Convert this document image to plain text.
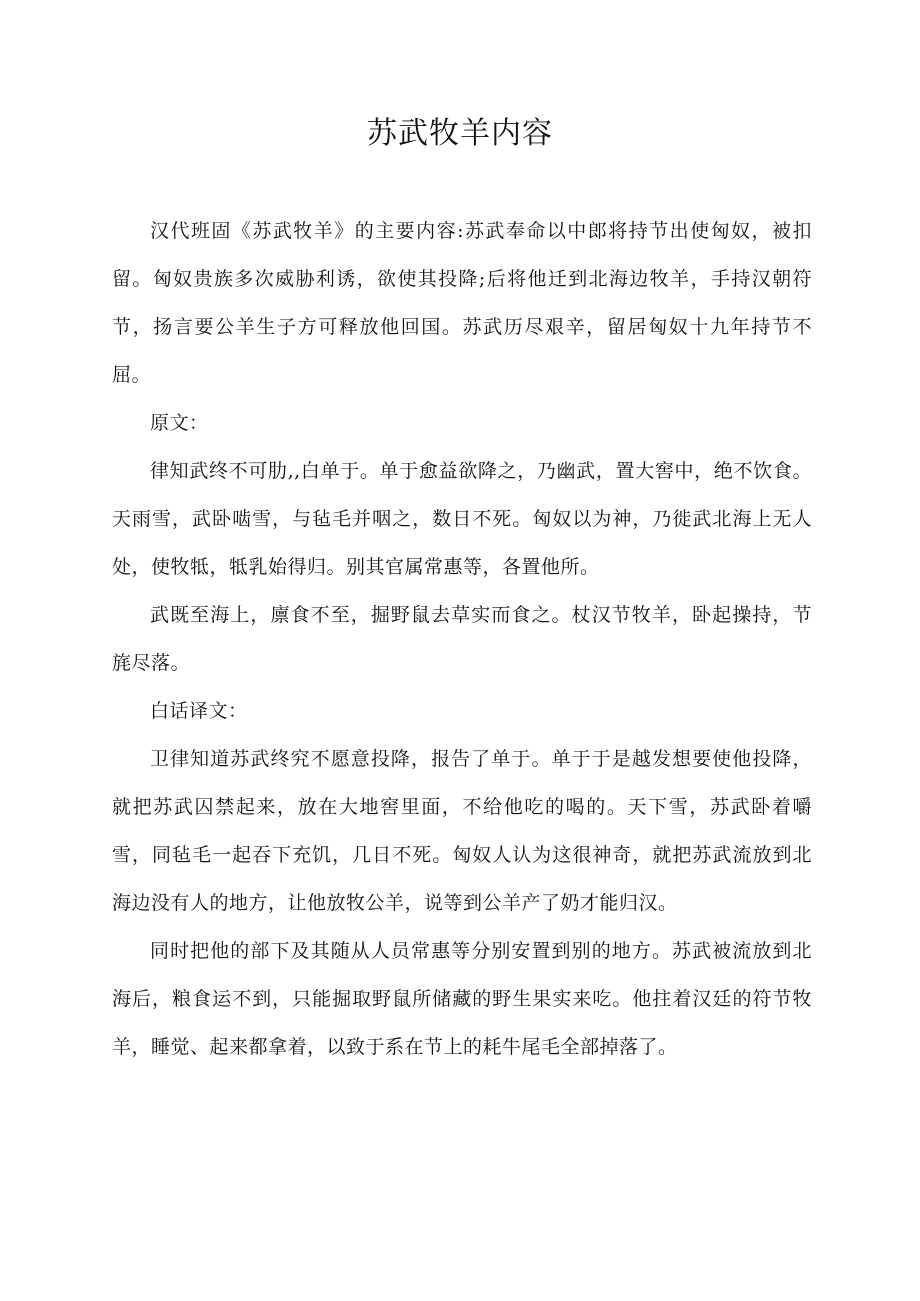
苏武牧羊内容

汉代班固《苏武牧羊》的主要内容:苏武奉命以中郎将持节出使匈奴，被扣留。匈奴贵族多次威胁利诱，欲使其投降;后将他迁到北海边牧羊，手持汉朝符节，扬言要公羊生子方可释放他回国。苏武历尽艰辛，留居匈奴十九年持节不屈。

原文：

律知武终不可肋,,白单于。单于愈益欲降之，乃幽武，置大窖中，绝不饮食。天雨雪，武卧啮雪，与毡毛并咽之，数日不死。匈奴以为神，乃徙武北海上无人处，使牧牴，牴乳始得归。别其官属常惠等，各置他所。

武既至海上，廪食不至，掘野鼠去草实而食之。杖汉节牧羊，卧起操持，节旄尽落。

白话译文：

卫律知道苏武终究不愿意投降，报告了单于。单于于是越发想要使他投降，就把苏武囚禁起来，放在大地窖里面，不给他吃的喝的。天下雪，苏武卧着嚼雪，同毡毛一起吞下充饥，几日不死。匈奴人认为这很神奇，就把苏武流放到北海边没有人的地方，让他放牧公羊，说等到公羊产了奶才能归汉。

同时把他的部下及其随从人员常惠等分别安置到别的地方。苏武被流放到北海后，粮食运不到，只能掘取野鼠所储藏的野生果实来吃。他拄着汉廷的符节牧羊，睡觉、起来都拿着，以致于系在节上的耗牛尾毛全部掉落了。
